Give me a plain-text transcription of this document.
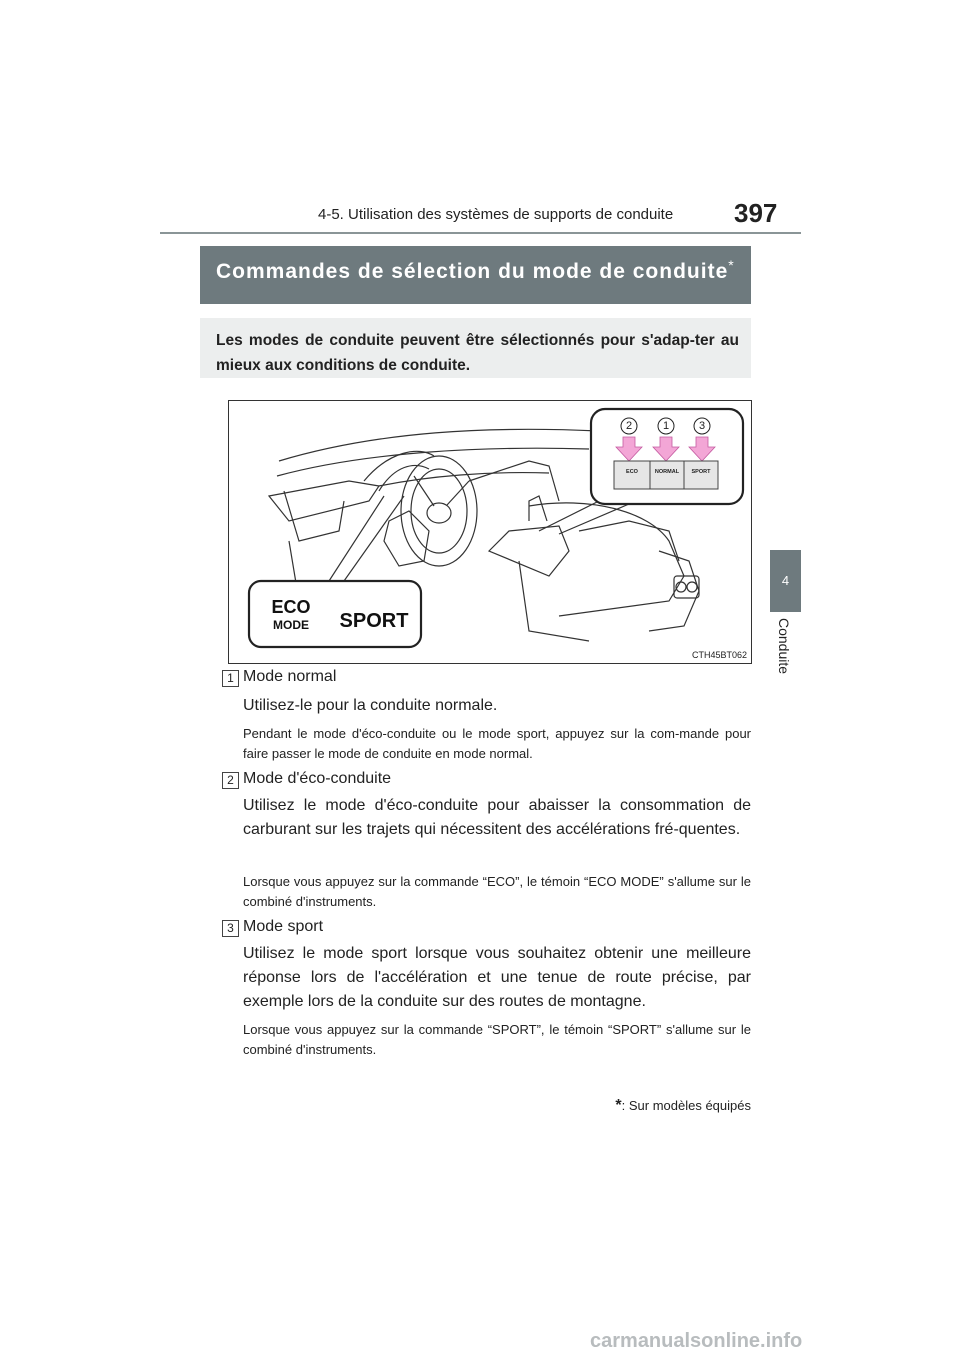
4-5. Utilisation des systèmes de supports de conduite 397
4
Conduite
Commandes de sélection du mode de conduite*
Les modes de conduite peuvent être sélectionnés pour s'adap-ter au mieux aux conditions de conduite.
2	1	3
ECO	NORMAL SPORT
ECO
MODE SPORT
CTH45BT062
1 Mode normal
Utilisez-le pour la conduite normale.
Pendant le mode d'éco-conduite ou le mode sport, appuyez sur la com-mande pour faire passer le mode de conduite en mode normal.
2 Mode d'éco-conduite
Utilisez le mode d'éco-conduite pour abaisser la consommation de carburant sur les trajets qui nécessitent des accélérations fré-quentes.
Lorsque vous appuyez sur la commande “ECO”, le témoin “ECO MODE” s'allume sur le combiné d'instruments.
3 Mode sport
Utilisez le mode sport lorsque vous souhaitez obtenir une meilleure réponse lors de l'accélération et une tenue de route précise, par exemple lors de la conduite sur des routes de montagne.
Lorsque vous appuyez sur la commande “SPORT”, le témoin “SPORT” s'allume sur le combiné d'instruments.
*: Sur modèles équipés
carmanualsonline.info
